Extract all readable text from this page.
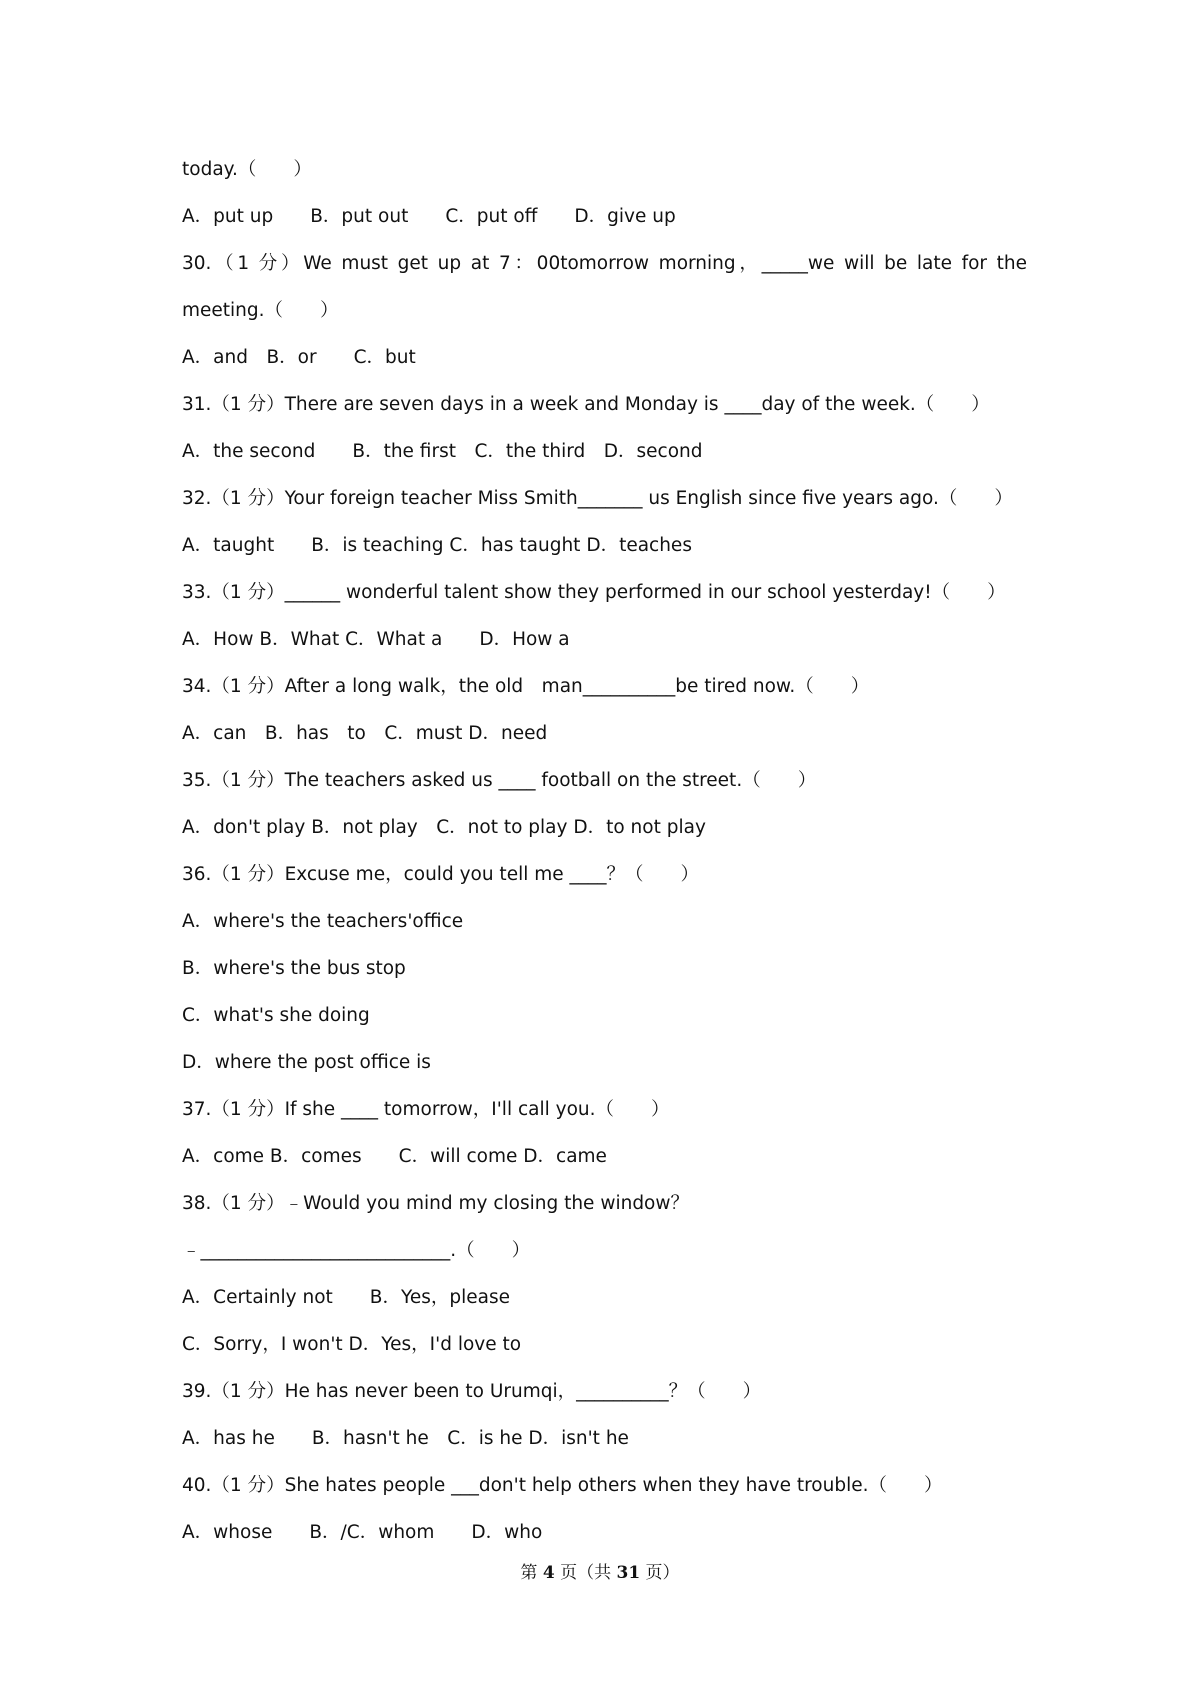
today.（　　）
A．put up　　B．put out　　C．put off　　D．give up
30.（1 分）We must get up at 7：00tomorrow morning，_____we will be late for the
meeting.（　　）
A．and　B．or　　C．but
31.（1 分）There are seven days in a week and Monday is ____day of the week.（　　）
A．the second　　B．the first　C．the third　D．second
32.（1 分）Your foreign teacher Miss Smith_______ us English since five years ago.（　　）
A．taught　　B．is teaching C．has taught D．teaches
33.（1 分）______ wonderful talent show they performed in our school yesterday!（　　）
A．How B．What C．What a　　D．How a
34.（1 分）After a long walk，the old　man__________be tired now.（　　）
A．can　B．has　to　C．must D．need
35.（1 分）The teachers asked us ____ football on the street.（　　）
A．don't play B．not play　C．not to play D．to not play
36.（1 分）Excuse me，could you tell me ____？（　　）
A．where's the teachers'office
B．where's the bus stop
C．what's she doing
D．where the post office is
37.（1 分）If she ____ tomorrow，I'll call you.（　　）
A．come B．comes　　C．will come D．came
38.（1 分）﹣Would you mind my closing the window？
﹣___________________________.（　　）
A．Certainly not　　B．Yes，please
C．Sorry，I won't D．Yes，I'd love to
39.（1 分）He has never been to Urumqi，__________？（　　）
A．has he　　B．hasn't he　C．is he D．isn't he
40.（1 分）She hates people ___don't help others when they have trouble.（　　）
A．whose　　B．/C．whom　　D．who
第 4 页（共 31 页）
